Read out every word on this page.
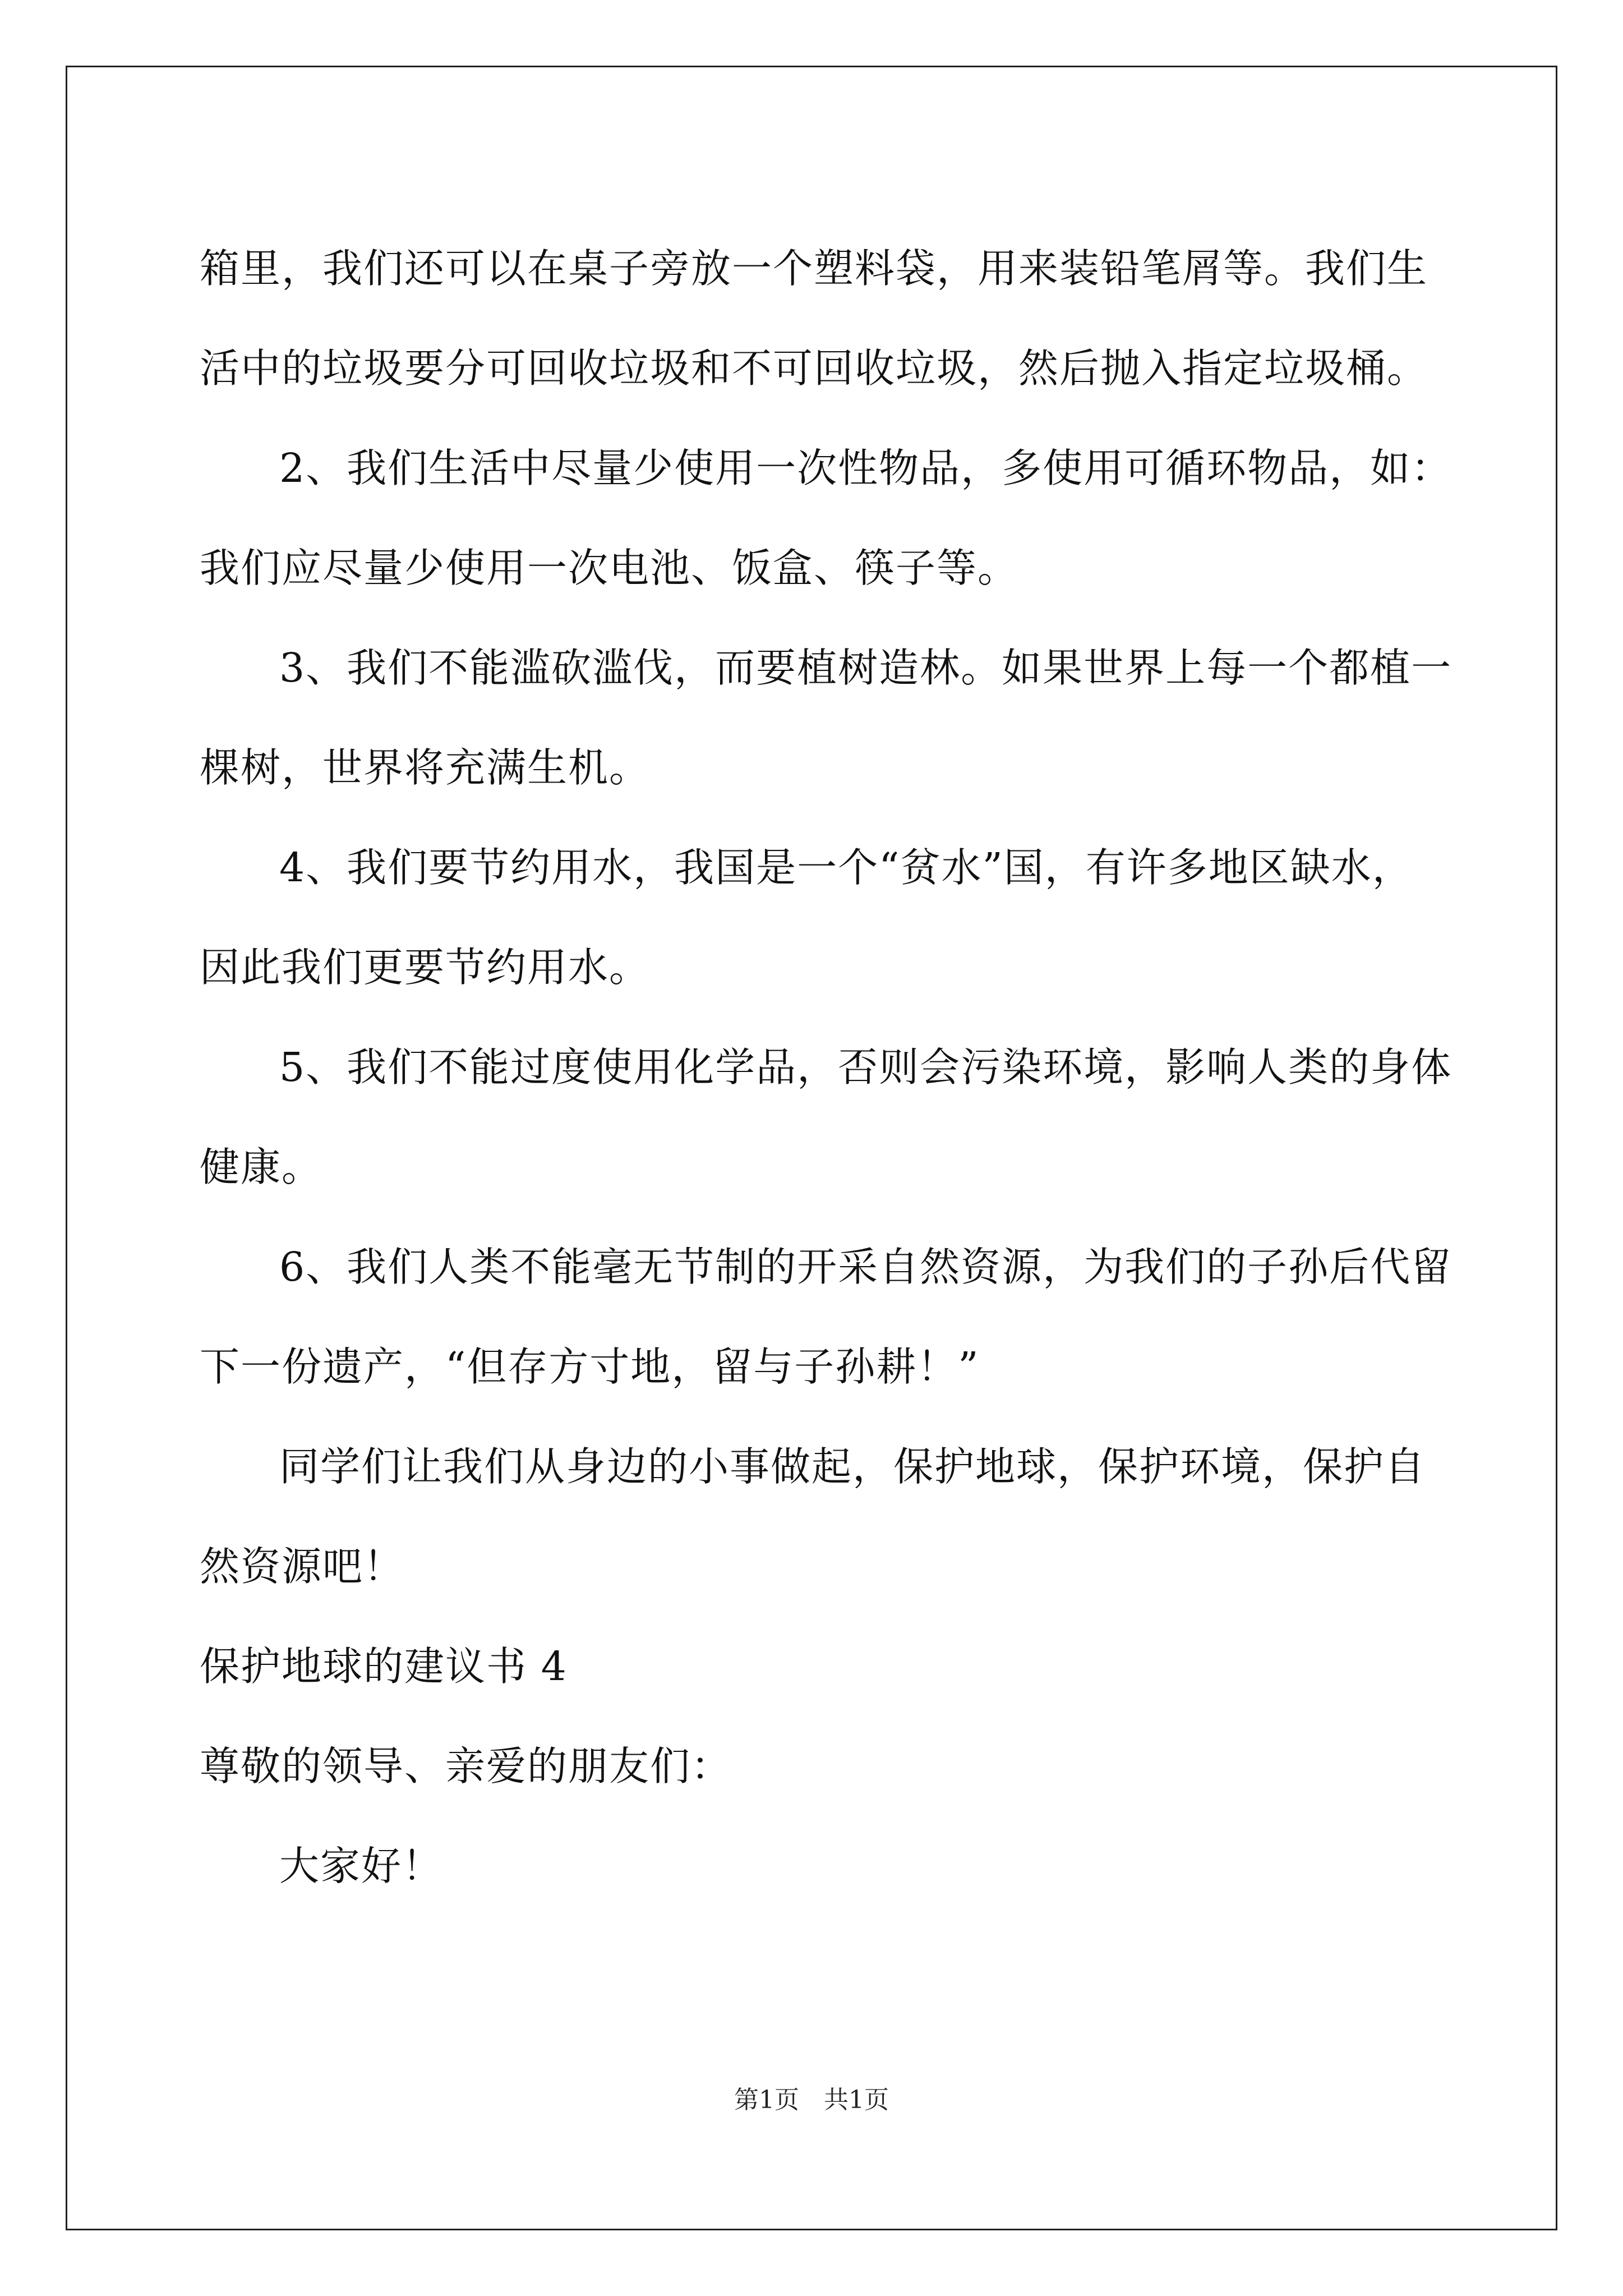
箱里，我们还可以在桌子旁放一个塑料袋，用来装铅笔屑等。我们生
活中的垃圾要分可回收垃圾和不可回收垃圾，然后抛入指定垃圾桶。

2、我们生活中尽量少使用一次性物品，多使用可循环物品，如：
我们应尽量少使用一次电池、饭盒、筷子等。

3、我们不能滥砍滥伐，而要植树造林。如果世界上每一个都植一
棵树，世界将充满生机。

4、我们要节约用水，我国是一个“贫水”国，有许多地区缺水，
因此我们更要节约用水。

5、我们不能过度使用化学品，否则会污染环境，影响人类的身体
健康。

6、我们人类不能毫无节制的开采自然资源，为我们的子孙后代留
下一份遗产，“但存方寸地，留与子孙耕！”

同学们让我们从身边的小事做起，保护地球，保护环境，保护自
然资源吧！

保护地球的建议书 4

尊敬的领导、亲爱的朋友们：

大家好！

第1页　共1页
